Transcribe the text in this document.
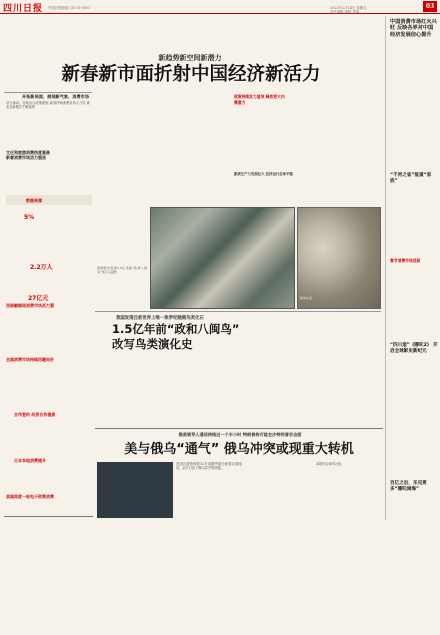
四川日报 中国百强报纸 CN 51-0001	2025年2月14日 星期五
责任编辑 编辑 美编
03
新趋势新空间新潜力
新春新市面折射中国经济新活力
开拓新局面，展现新气象，消费市场
活力涌动。各地出台政策措施 新春伊始消费市场人气旺 新业态新模式不断涌现
文化和旅游消费热度高涨
新春消费市场活力强劲
数据来源
5%
2.2万人
27亿元
西部融媒网消费市场活力强
全国消费市场持续回暖向好
合作签约 经贸合作提质
日本本地消费提升
美国再度一轮电子政策消费
政策持续发力显效 释放更大内需潜力
新质生产力发展壮大 经济运行总体平稳
我国首次发现1.5亿年前“政和八闽鸟”化石示意图
新华社发
我国发现目前世界上唯一侏罗纪晚期鸟类化石
1.5亿年前“政和八闽鸟”
改写鸟类演化史
中国消费市场红火兴旺 反映各界对中国经济发展信心提升
“千河之省”报道“家底”
春节消费市场活跃
“四川造”《哪吒2》 开启全球影史新纪元
百亿之后，乐见更多“哪吒闹海”
俄美领导人通话持续近一个半小时 特朗普称可能在沙特同普京会面
美与俄乌“通气” 俄乌冲突或现重大转机
美国总统特朗普12日同俄罗斯总统普京通电话，双方讨论了俄乌冲突等问题。
本报综合新华社电
